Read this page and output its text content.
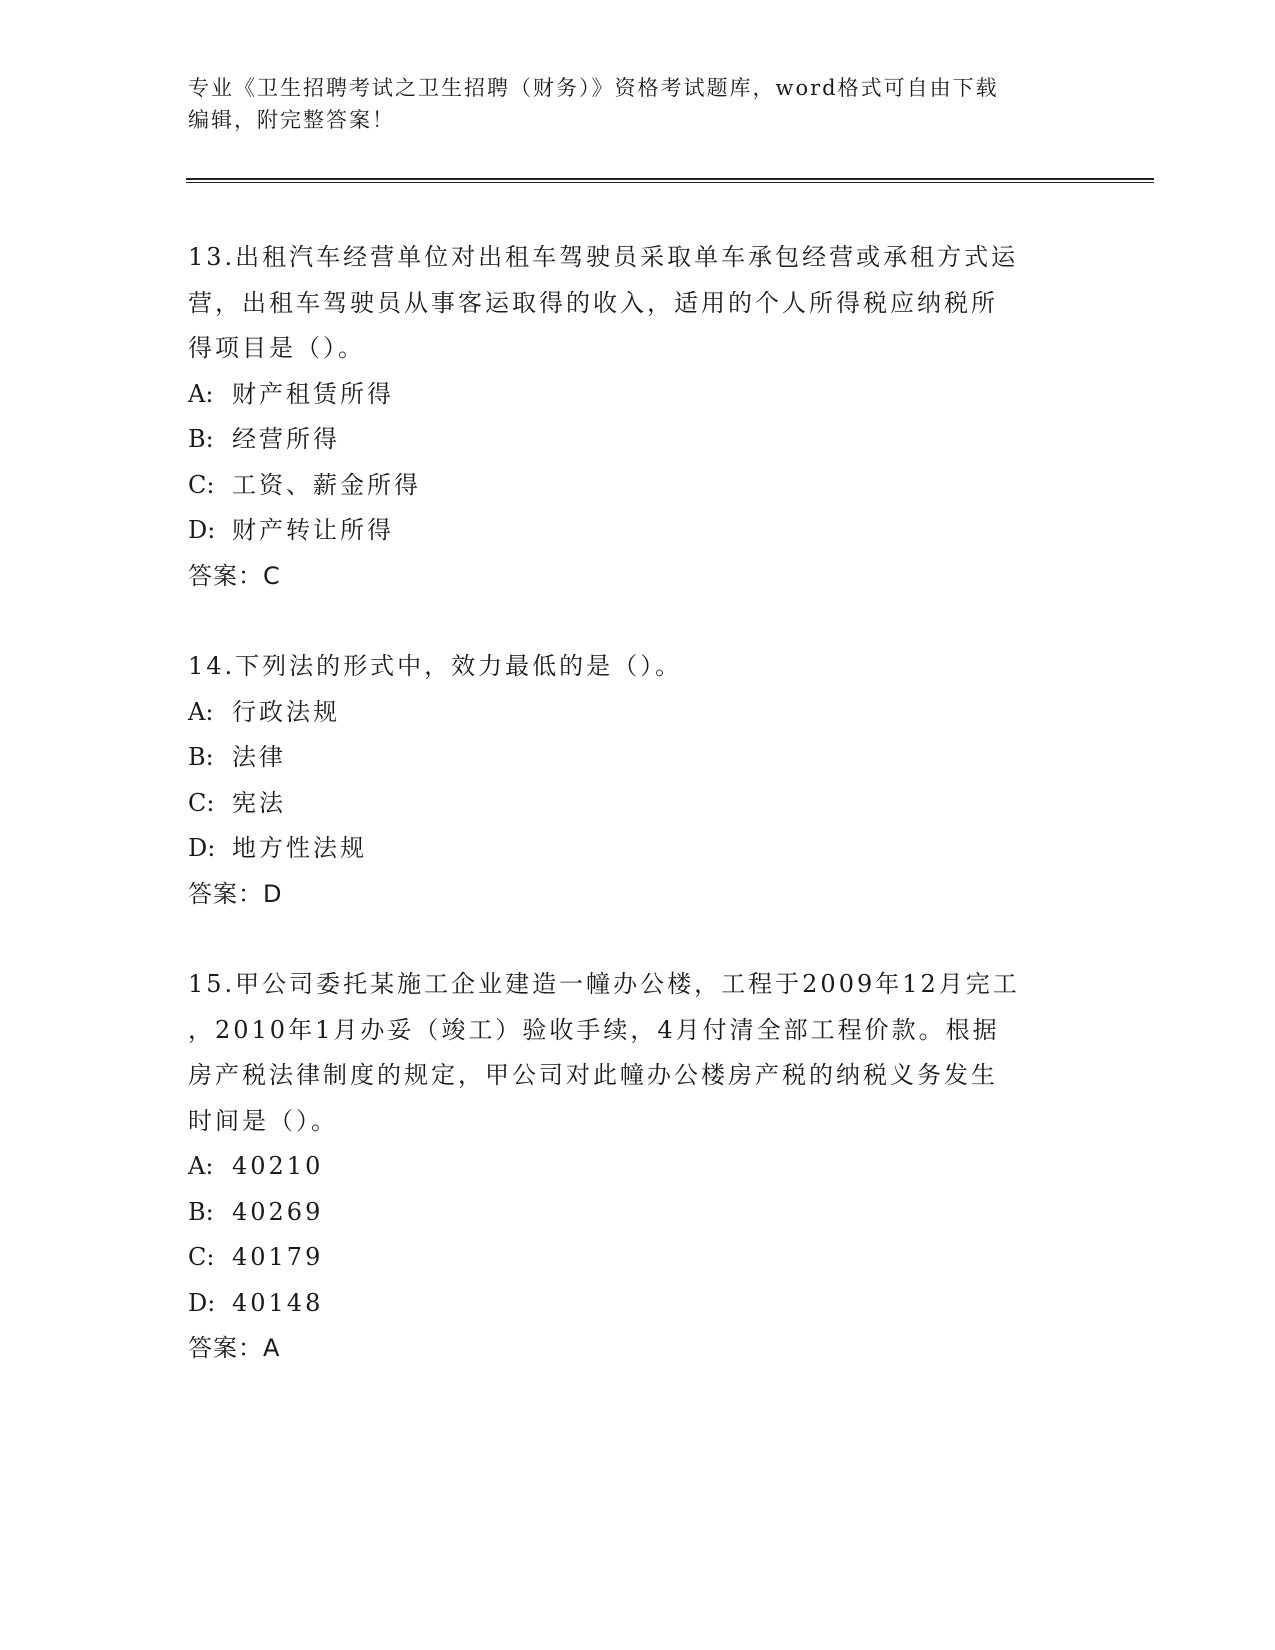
专业《卫生招聘考试之卫生招聘（财务）》资格考试题库，word格式可自由下载
编辑，附完整答案！
13.出租汽车经营单位对出租车驾驶员采取单车承包经营或承租方式运
营，出租车驾驶员从事客运取得的收入，适用的个人所得税应纳税所
得项目是（）。
A: 财产租赁所得
B: 经营所得
C: 工资、薪金所得
D: 财产转让所得
答案：C
14.下列法的形式中，效力最低的是（）。
A: 行政法规
B: 法律
C: 宪法
D: 地方性法规
答案：D
15.甲公司委托某施工企业建造一幢办公楼，工程于2009年12月完工
，2010年1月办妥（竣工）验收手续，4月付清全部工程价款。根据
房产税法律制度的规定，甲公司对此幢办公楼房产税的纳税义务发生
时间是（）。
A: 40210
B: 40269
C: 40179
D: 40148
答案：A
